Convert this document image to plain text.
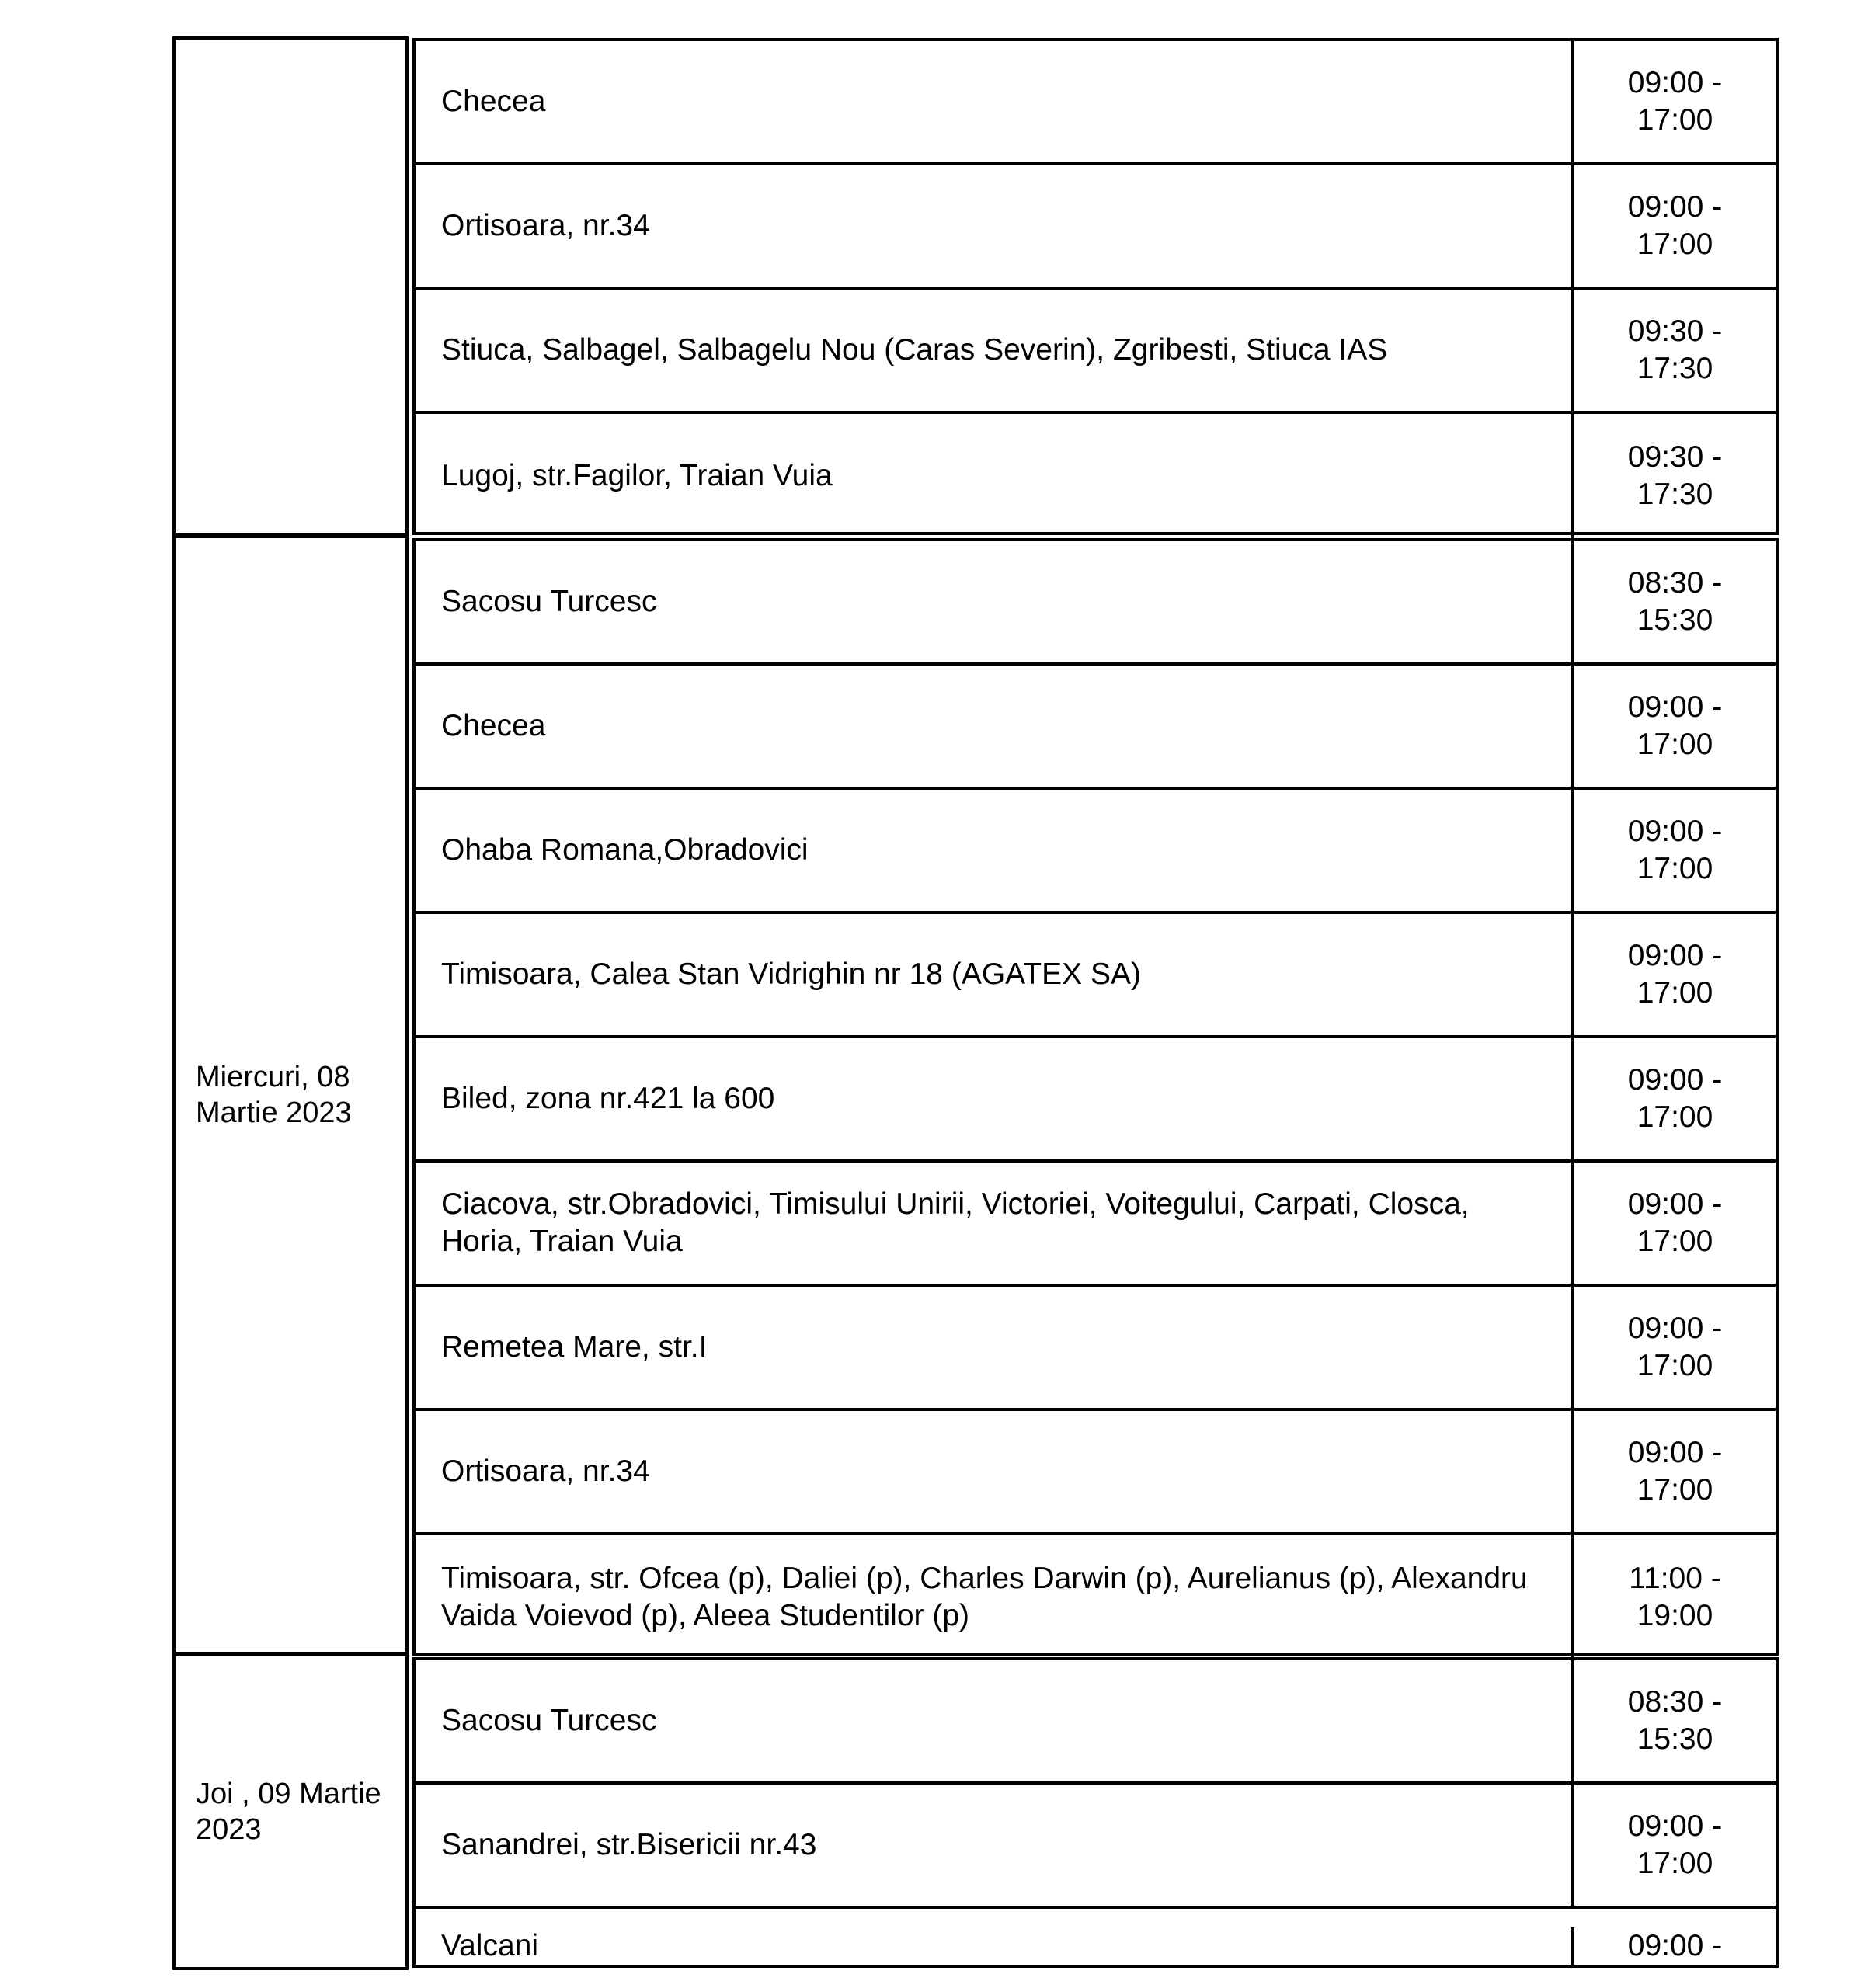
Checea
09:00 -
17:00
Ortisoara, nr.34
09:00 -
17:00
Stiuca, Salbagel, Salbagelu Nou (Caras Severin), Zgribesti, Stiuca IAS
09:30 -
17:30
Lugoj, str.Fagilor, Traian Vuia
09:30 -
17:30
Miercuri, 08
Martie 2023
Sacosu Turcesc
08:30 -
15:30
Checea
09:00 -
17:00
Ohaba Romana,Obradovici
09:00 -
17:00
Timisoara, Calea Stan Vidrighin nr 18 (AGATEX SA)
09:00 -
17:00
Biled, zona nr.421 la 600
09:00 -
17:00
Ciacova, str.Obradovici, Timisului Unirii, Victoriei, Voitegului, Carpati, Closca, Horia, Traian Vuia
09:00 -
17:00
Remetea Mare, str.I
09:00 -
17:00
Ortisoara, nr.34
09:00 -
17:00
Timisoara, str. Ofcea (p), Daliei (p), Charles Darwin (p), Aurelianus (p), Alexandru Vaida Voievod (p), Aleea Studentilor (p)
11:00 -
19:00
Joi , 09 Martie
2023
Sacosu Turcesc
08:30 -
15:30
Sanandrei, str.Bisericii nr.43
09:00 -
17:00
Valcani	09:00 -
